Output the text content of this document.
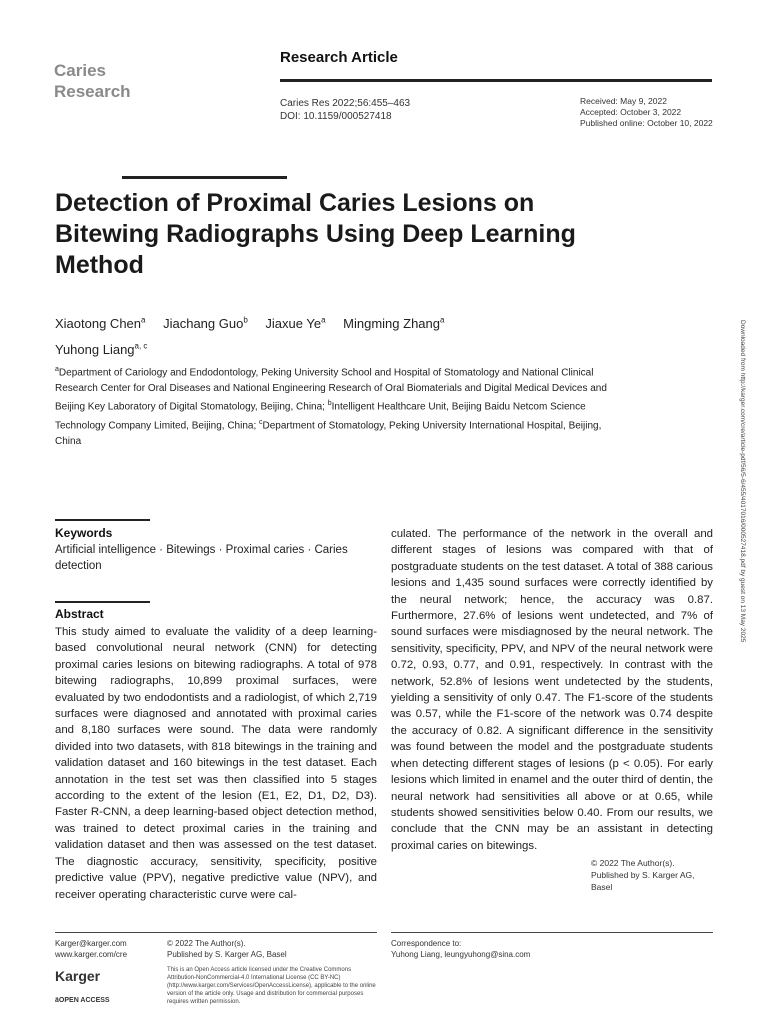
Caries
Research
Research Article
Caries Res 2022;56:455–463
DOI: 10.1159/000527418
Received: May 9, 2022
Accepted: October 3, 2022
Published online: October 10, 2022
Detection of Proximal Caries Lesions on Bitewing Radiographs Using Deep Learning Method
Xiaotong Chen$^a$ Jiachang Guo$^b$ Jiaxue Ye$^a$ Mingming Zhang$^a$
Yuhong Liang$^{a, c}$
$^a$Department of Cariology and Endodontology, Peking University School and Hospital of Stomatology and National Clinical Research Center for Oral Diseases and National Engineering Research of Oral Biomaterials and Digital Medical Devices and Beijing Key Laboratory of Digital Stomatology, Beijing, China; $^b$Intelligent Healthcare Unit, Beijing Baidu Netcom Science Technology Company Limited, Beijing, China; $^c$Department of Stomatology, Peking University International Hospital, Beijing, China	Downloaded from http://karger.com/cre/article-pdf/56/5-6/455/4017016/000527418.pdf by guest on 13 May 2025
Keywords
Artificial intelligence · Bitewings · Proximal caries · Caries detection
Abstract
This study aimed to evaluate the validity of a deep learning-based convolutional neural network (CNN) for detecting proximal caries lesions on bitewing radiographs. A total of 978 bitewing radiographs, 10,899 proximal surfaces, were evaluated by two endodontists and a radiologist, of which 2,719 surfaces were diagnosed and annotated with proximal caries and 8,180 surfaces were sound. The data were randomly divided into two datasets, with 818 bitewings in the training and validation dataset and 160 bitewings in the test dataset. Each annotation in the test set was then classified into 5 stages according to the extent of the lesion (E1, E2, D1, D2, D3). Faster R-CNN, a deep learning-based object detection method, was trained to detect proximal caries in the training and validation dataset and then was assessed on the test dataset. The diagnostic accuracy, sensitivity, specificity, positive predictive value (PPV), negative predictive value (NPV), and receiver operating characteristic curve were cal-
culated. The performance of the network in the overall and different stages of lesions was compared with that of postgraduate students on the test dataset. A total of 388 carious lesions and 1,435 sound surfaces were correctly identified by the neural network; hence, the accuracy was 0.87. Furthermore, 27.6% of lesions went undetected, and 7% of sound surfaces were misdiagnosed by the neural network. The sensitivity, specificity, PPV, and NPV of the neural network were 0.72, 0.93, 0.77, and 0.91, respectively. In contrast with the network, 52.8% of lesions went undetected by the students, yielding a sensitivity of only 0.47. The F1-score of the students was 0.57, while the F1-score of the network was 0.74 despite the accuracy of 0.82. A significant difference in the sensitivity was found between the model and the postgraduate students when detecting different stages of lesions (p < 0.05). For early lesions which limited in enamel and the outer third of dentin, the neural network had sensitivities all above or at 0.65, while students showed sensitivities below 0.40. From our results, we conclude that the CNN may be an assistant in detecting proximal caries on bitewings.
© 2022 The Author(s).
Published by S. Karger AG, Basel
Karger@karger.com
www.karger.com/cre
© 2022 The Author(s).
Published by S. Karger AG, Basel
This is an Open Access article licensed under the Creative Commons Attribution-NonCommercial-4.0 International License (CC BY-NC) (http://www.karger.com/Services/OpenAccessLicense), applicable to the online version of the article only. Usage and distribution for commercial purposes requires written permission.
Correspondence to:
Yuhong Liang, leungyuhong@sina.com
Karger
äOPEN ACCESS
